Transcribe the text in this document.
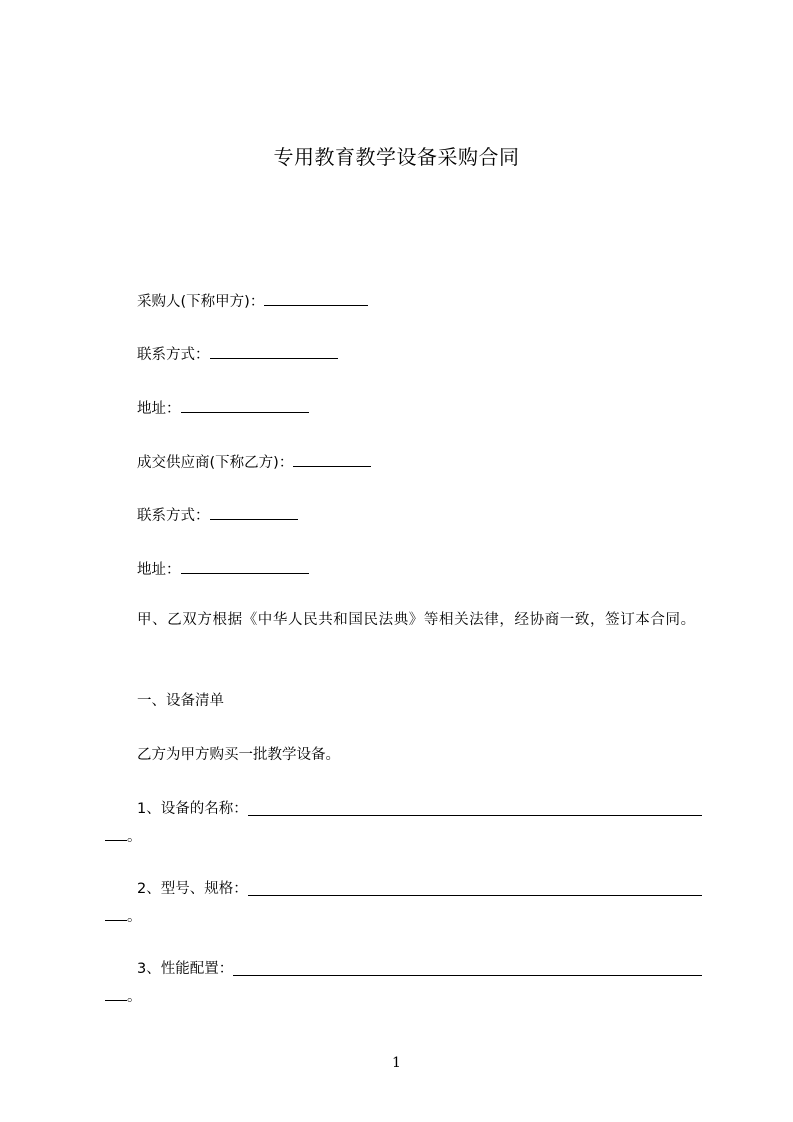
专用教育教学设备采购合同
采购人(下称甲方)：
联系方式：
地址：
成交供应商(下称乙方)：
联系方式：
地址：
甲、乙双方根据《中华人民共和国民法典》等相关法律，经协商一致，签订本合同。
一、设备清单
乙方为甲方购买一批教学设备。
1、设备的名称：
。
2、型号、规格：
。
3、性能配置：
。
1
